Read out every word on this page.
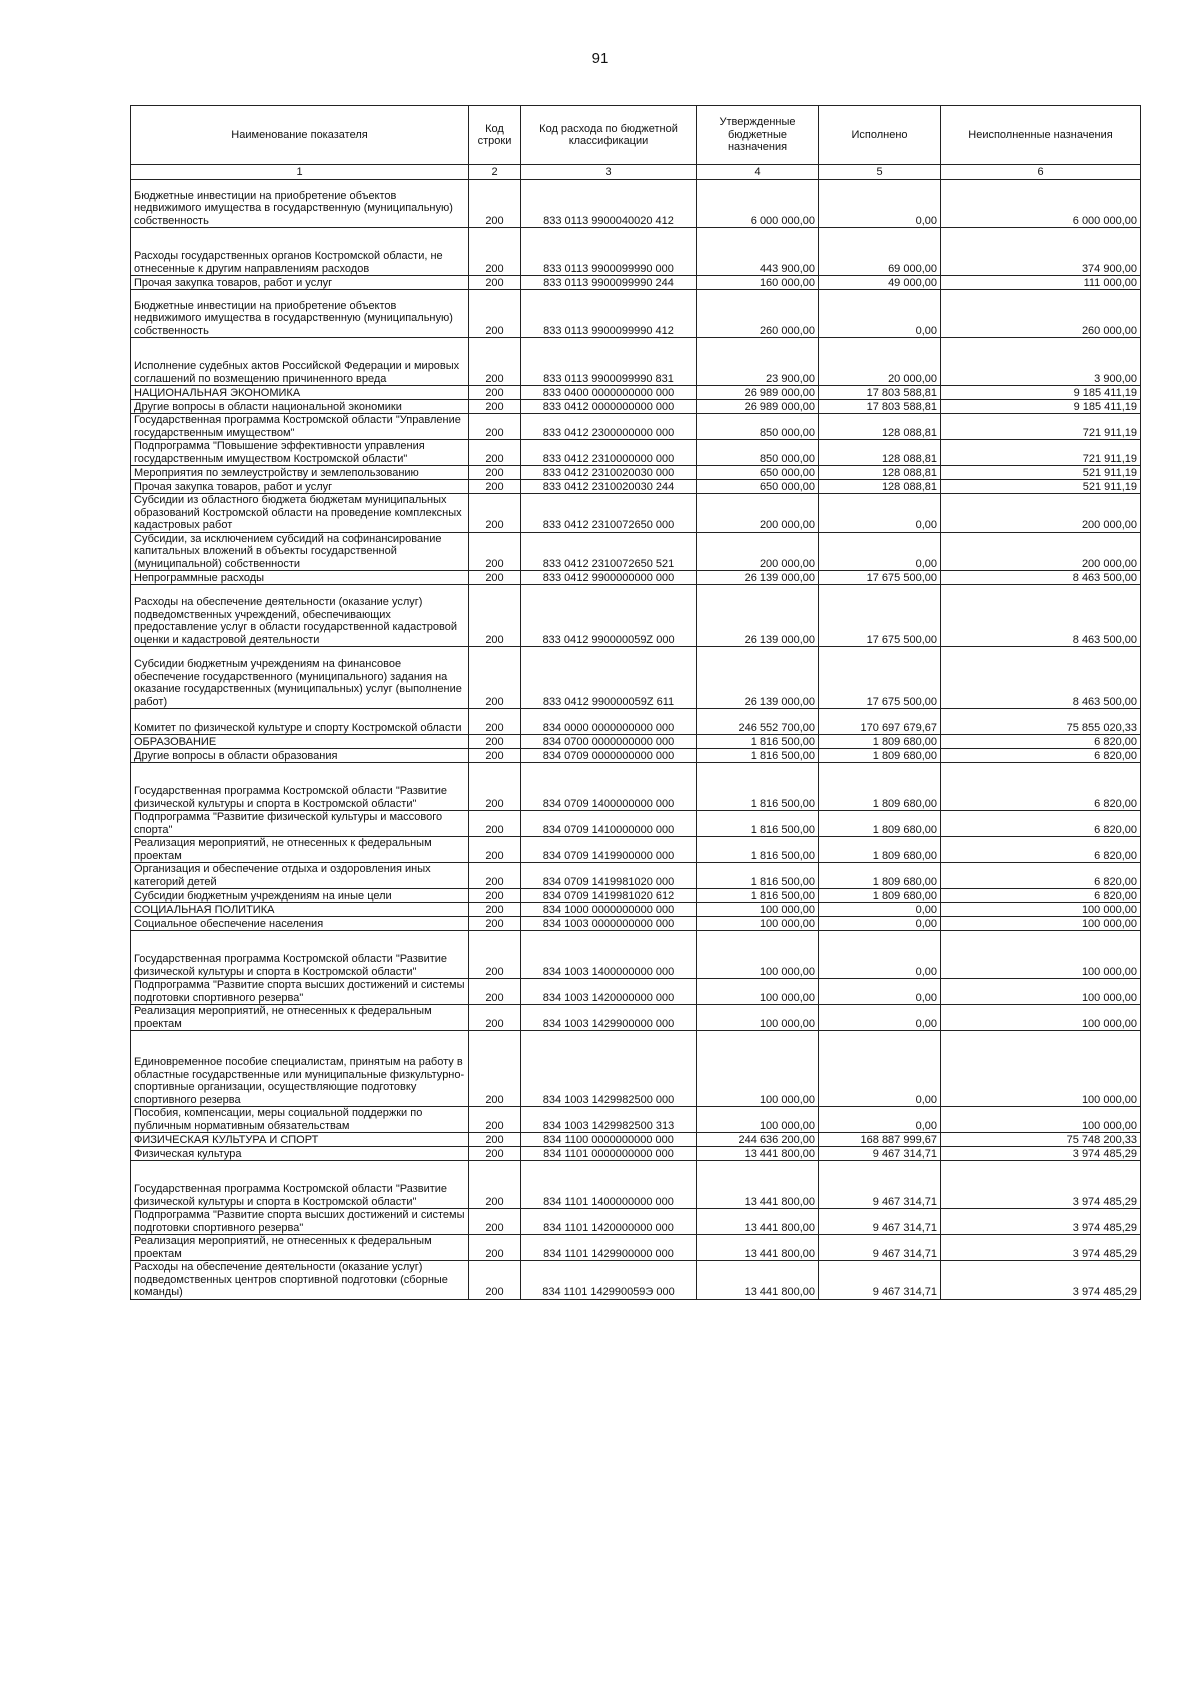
91
Наименование показателя	Код строки	Код расхода по бюджетной классификации	Утвержденные бюджетные назначения	Исполнено	Неисполненные назначения
1	2	3	4	5	6
Бюджетные инвестиции на приобретение объектов недвижимого имущества в государственную (муниципальную) собственность	200	833 0113 9900040020 412	6 000 000,00	0,00	6 000 000,00
Расходы государственных органов Костромской области, не отнесенные к другим направлениям расходов	200	833 0113 9900099990 000	443 900,00	69 000,00	374 900,00
Прочая закупка товаров, работ и услуг	200	833 0113 9900099990 244	160 000,00	49 000,00	111 000,00
Бюджетные инвестиции на приобретение объектов недвижимого имущества в государственную (муниципальную) собственность	200	833 0113 9900099990 412	260 000,00	0,00	260 000,00
Исполнение судебных актов Российской Федерации и мировых соглашений по возмещению причиненного вреда	200	833 0113 9900099990 831	23 900,00	20 000,00	3 900,00
НАЦИОНАЛЬНАЯ ЭКОНОМИКА	200	833 0400 0000000000 000	26 989 000,00	17 803 588,81	9 185 411,19
Другие вопросы в области национальной экономики	200	833 0412 0000000000 000	26 989 000,00	17 803 588,81	9 185 411,19
Государственная программа Костромской области "Управление государственным имуществом"	200	833 0412 2300000000 000	850 000,00	128 088,81	721 911,19
Подпрограмма "Повышение эффективности управления государственным имуществом Костромской области"	200	833 0412 2310000000 000	850 000,00	128 088,81	721 911,19
Мероприятия по землеустройству и землепользованию	200	833 0412 2310020030 000	650 000,00	128 088,81	521 911,19
Прочая закупка товаров, работ и услуг	200	833 0412 2310020030 244	650 000,00	128 088,81	521 911,19
Субсидии из областного бюджета бюджетам муниципальных образований Костромской области на проведение комплексных кадастровых работ	200	833 0412 2310072650 000	200 000,00	0,00	200 000,00
Субсидии, за исключением субсидий на софинансирование капитальных вложений в объекты государственной (муниципальной) собственности	200	833 0412 2310072650 521	200 000,00	0,00	200 000,00
Непрограммные расходы	200	833 0412 9900000000 000	26 139 000,00	17 675 500,00	8 463 500,00
Расходы на обеспечение деятельности (оказание услуг) подведомственных учреждений, обеспечивающих предоставление услуг в области государственной кадастровой оценки и кадастровой деятельности	200	833 0412 990000059Z 000	26 139 000,00	17 675 500,00	8 463 500,00
Субсидии бюджетным учреждениям на финансовое обеспечение государственного (муниципального) задания на оказание государственных (муниципальных) услуг (выполнение работ)	200	833 0412 990000059Z 611	26 139 000,00	17 675 500,00	8 463 500,00
Комитет по физической культуре и спорту Костромской области	200	834 0000 0000000000 000	246 552 700,00	170 697 679,67	75 855 020,33
ОБРАЗОВАНИЕ	200	834 0700 0000000000 000	1 816 500,00	1 809 680,00	6 820,00
Другие вопросы в области образования	200	834 0709 0000000000 000	1 816 500,00	1 809 680,00	6 820,00
Государственная программа Костромской области "Развитие физической культуры и спорта в Костромской области"	200	834 0709 1400000000 000	1 816 500,00	1 809 680,00	6 820,00
Подпрограмма "Развитие физической культуры и массового спорта"	200	834 0709 1410000000 000	1 816 500,00	1 809 680,00	6 820,00
Реализация мероприятий, не отнесенных к федеральным проектам	200	834 0709 1419900000 000	1 816 500,00	1 809 680,00	6 820,00
Организация и обеспечение отдыха и оздоровления иных категорий детей	200	834 0709 1419981020 000	1 816 500,00	1 809 680,00	6 820,00
Субсидии бюджетным учреждениям на иные цели	200	834 0709 1419981020 612	1 816 500,00	1 809 680,00	6 820,00
СОЦИАЛЬНАЯ ПОЛИТИКА	200	834 1000 0000000000 000	100 000,00	0,00	100 000,00
Социальное обеспечение населения	200	834 1003 0000000000 000	100 000,00	0,00	100 000,00
Государственная программа Костромской области "Развитие физической культуры и спорта в Костромской области"	200	834 1003 1400000000 000	100 000,00	0,00	100 000,00
Подпрограмма "Развитие спорта высших достижений и системы подготовки спортивного резерва"	200	834 1003 1420000000 000	100 000,00	0,00	100 000,00
Реализация мероприятий, не отнесенных к федеральным проектам	200	834 1003 1429900000 000	100 000,00	0,00	100 000,00
Единовременное пособие специалистам, принятым на работу в областные государственные или муниципальные физкультурно-спортивные организации, осуществляющие подготовку спортивного резерва	200	834 1003 1429982500 000	100 000,00	0,00	100 000,00
Пособия, компенсации, меры социальной поддержки по публичным нормативным обязательствам	200	834 1003 1429982500 313	100 000,00	0,00	100 000,00
ФИЗИЧЕСКАЯ КУЛЬТУРА И СПОРТ	200	834 1100 0000000000 000	244 636 200,00	168 887 999,67	75 748 200,33
Физическая культура	200	834 1101 0000000000 000	13 441 800,00	9 467 314,71	3 974 485,29
Государственная программа Костромской области "Развитие физической культуры и спорта в Костромской области"	200	834 1101 1400000000 000	13 441 800,00	9 467 314,71	3 974 485,29
Подпрограмма "Развитие спорта высших достижений и системы подготовки спортивного резерва"	200	834 1101 1420000000 000	13 441 800,00	9 467 314,71	3 974 485,29
Реализация мероприятий, не отнесенных к федеральным проектам	200	834 1101 1429900000 000	13 441 800,00	9 467 314,71	3 974 485,29
Расходы на обеспечение деятельности (оказание услуг) подведомственных центров спортивной подготовки (сборные команды)	200	834 1101 142990059Э 000	13 441 800,00	9 467 314,71	3 974 485,29
